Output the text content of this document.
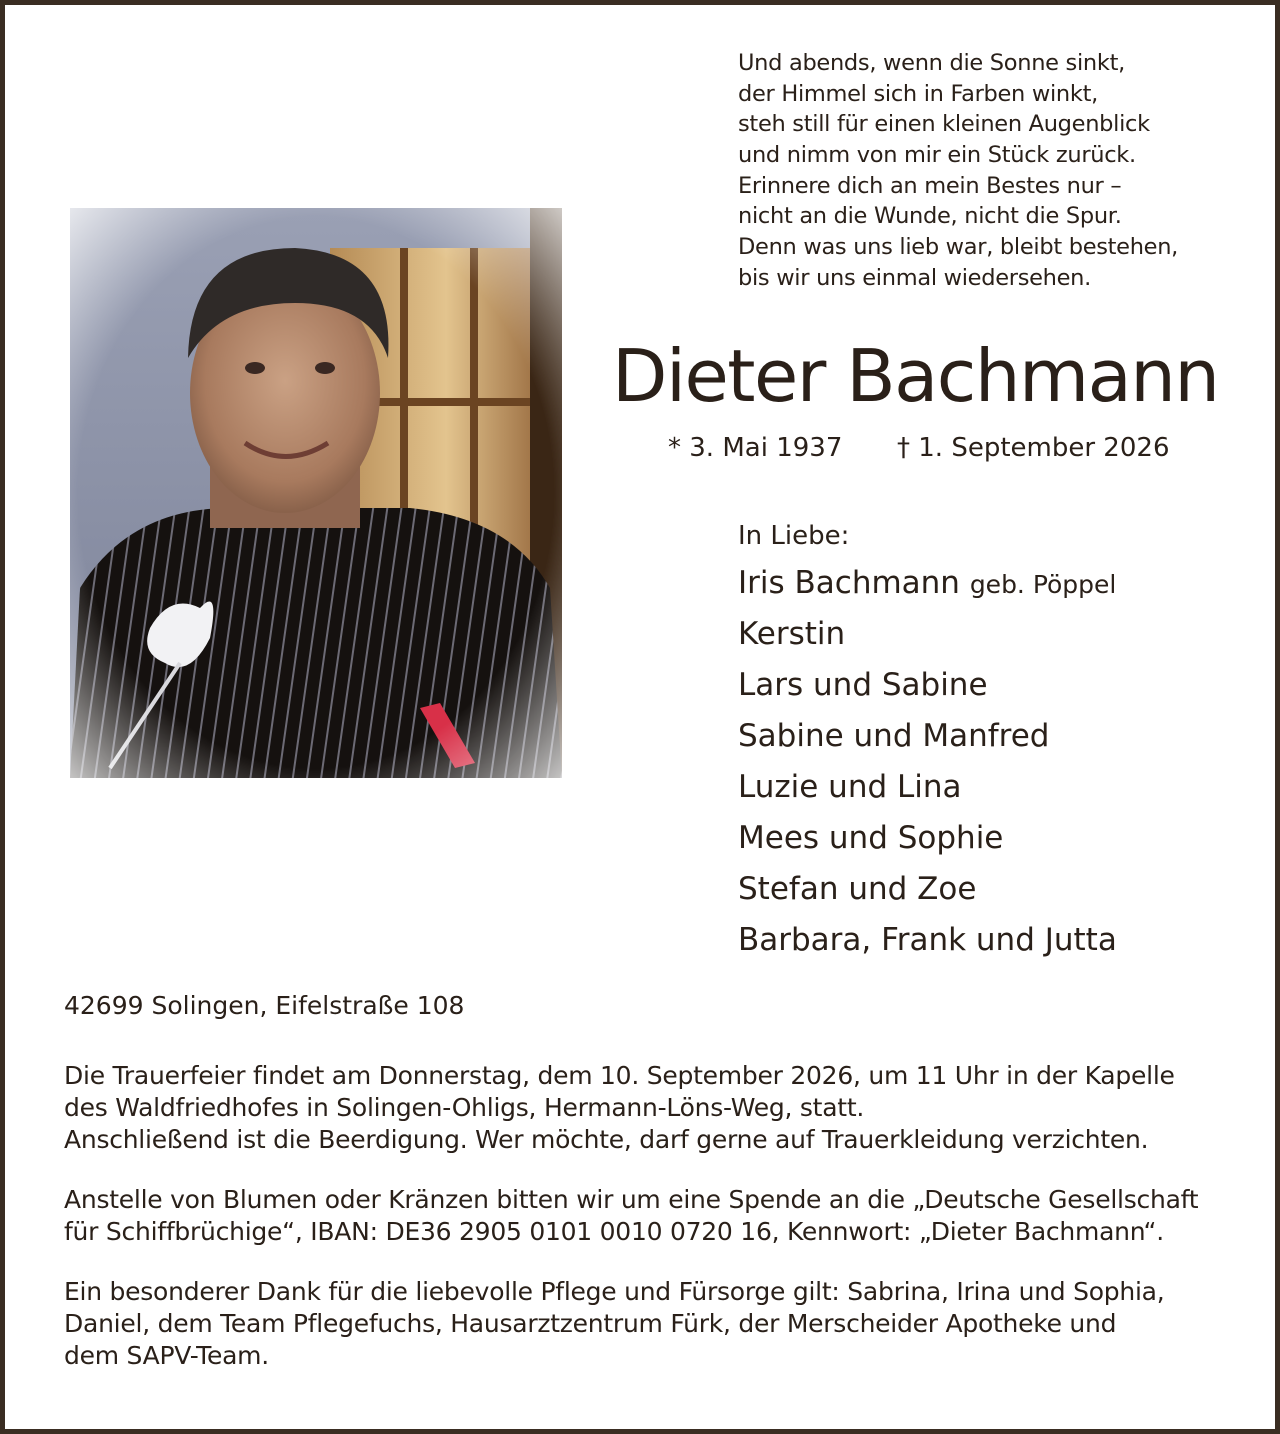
Und abends, wenn die Sonne sinkt,
der Himmel sich in Farben winkt,
steh still für einen kleinen Augenblick
und nimm von mir ein Stück zurück.
Erinnere dich an mein Bestes nur –
nicht an die Wunde, nicht die Spur.
Denn was uns lieb war, bleibt bestehen,
bis wir uns einmal wiedersehen.
Dieter Bachmann
* 3. Mai 1937 † 1. September 2026
In Liebe:
Iris Bachmann geb. Pöppel
Kerstin
Lars und Sabine
Sabine und Manfred
Luzie und Lina
Mees und Sophie
Stefan und Zoe
Barbara, Frank und Jutta
42699 Solingen, Eifelstraße 108
Die Trauerfeier findet am Donnerstag, dem 10. September 2026, um 11 Uhr in der Kapelle
des Waldfriedhofes in Solingen-Ohligs, Hermann-Löns-Weg, statt.
Anschließend ist die Beerdigung. Wer möchte, darf gerne auf Trauerkleidung verzichten.
Anstelle von Blumen oder Kränzen bitten wir um eine Spende an die „Deutsche Gesellschaft
für Schiffbrüchige“, IBAN: DE36 2905 0101 0010 0720 16, Kennwort: „Dieter Bachmann“.
Ein besonderer Dank für die liebevolle Pflege und Fürsorge gilt: Sabrina, Irina und Sophia,
Daniel, dem Team Pflegefuchs, Hausarztzentrum Fürk, der Merscheider Apotheke und
dem SAPV-Team.
